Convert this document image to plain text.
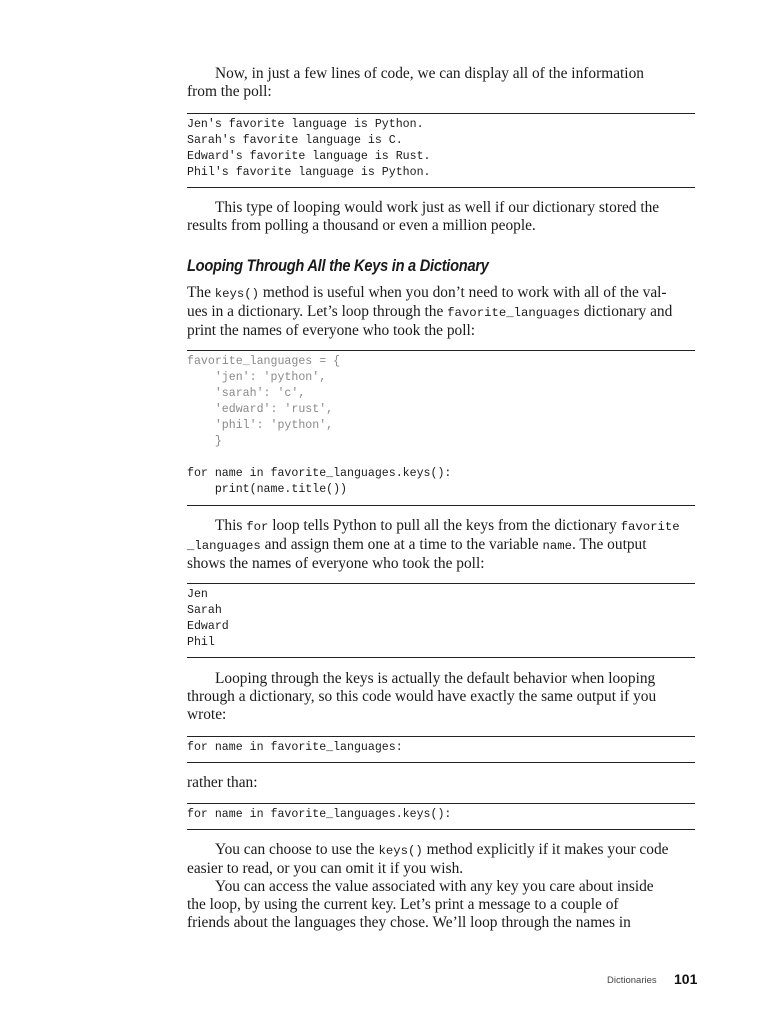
Now, in just a few lines of code, we can display all of the information
from the poll:

Jen's favorite language is Python.
Sarah's favorite language is C.
Edward's favorite language is Rust.
Phil's favorite language is Python.

This type of looping would work just as well if our dictionary stored the
results from polling a thousand or even a million people.

Looping Through All the Keys in a Dictionary

The keys() method is useful when you don’t need to work with all of the val-
ues in a dictionary. Let’s loop through the favorite_languages dictionary and
print the names of everyone who took the poll:

favorite_languages = {
'jen': 'python',
'sarah': 'c',
'edward': 'rust',
'phil': 'python',
}

for name in favorite_languages.keys():
print(name.title())

This for loop tells Python to pull all the keys from the dictionary favorite
_languages and assign them one at a time to the variable name. The output
shows the names of everyone who took the poll:

Jen
Sarah
Edward
Phil

Looping through the keys is actually the default behavior when looping
through a dictionary, so this code would have exactly the same output if you
wrote:

for name in favorite_languages:

rather than:

for name in favorite_languages.keys():

You can choose to use the keys() method explicitly if it makes your code
easier to read, or you can omit it if you wish.

You can access the value associated with any key you care about inside
the loop, by using the current key. Let’s print a message to a couple of
friends about the languages they chose. We’ll loop through the names in

Dictionaries 101
